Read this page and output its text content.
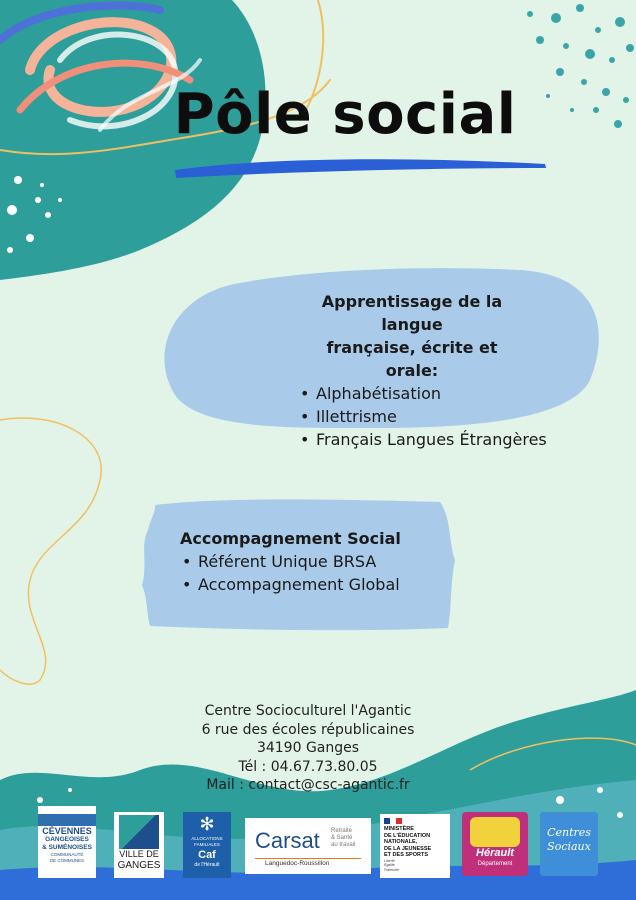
Pôle social
Apprentissage de la langue
française, écrite et orale:
• Alphabétisation
• Illettrisme
• Français Langues Étrangères
Accompagnement Social
• Référent Unique BRSA
• Accompagnement Global
Centre Socioculturel l'Agantic
6 rue des écoles républicaines
34190 Ganges
Tél : 04.67.73.80.05
Mail : contact@csc-agantic.fr
CÉVENNES
GANGEOISES
& SUMÉNOISES
COMMUNAUTÉ
DE COMMUNES
VILLE DE
GANGES
✻
ALLOCATIONS
FAMILIALES
Caf
de l'Hérault
Carsat Retraite
& Santé
au travail
Languedoc-Roussillon
MINISTÈRE
DE L'ÉDUCATION
NATIONALE,
DE LA JEUNESSE
ET DES SPORTS
Liberté
Égalité
Fraternité
Hérault
Département
Centres
Sociaux
